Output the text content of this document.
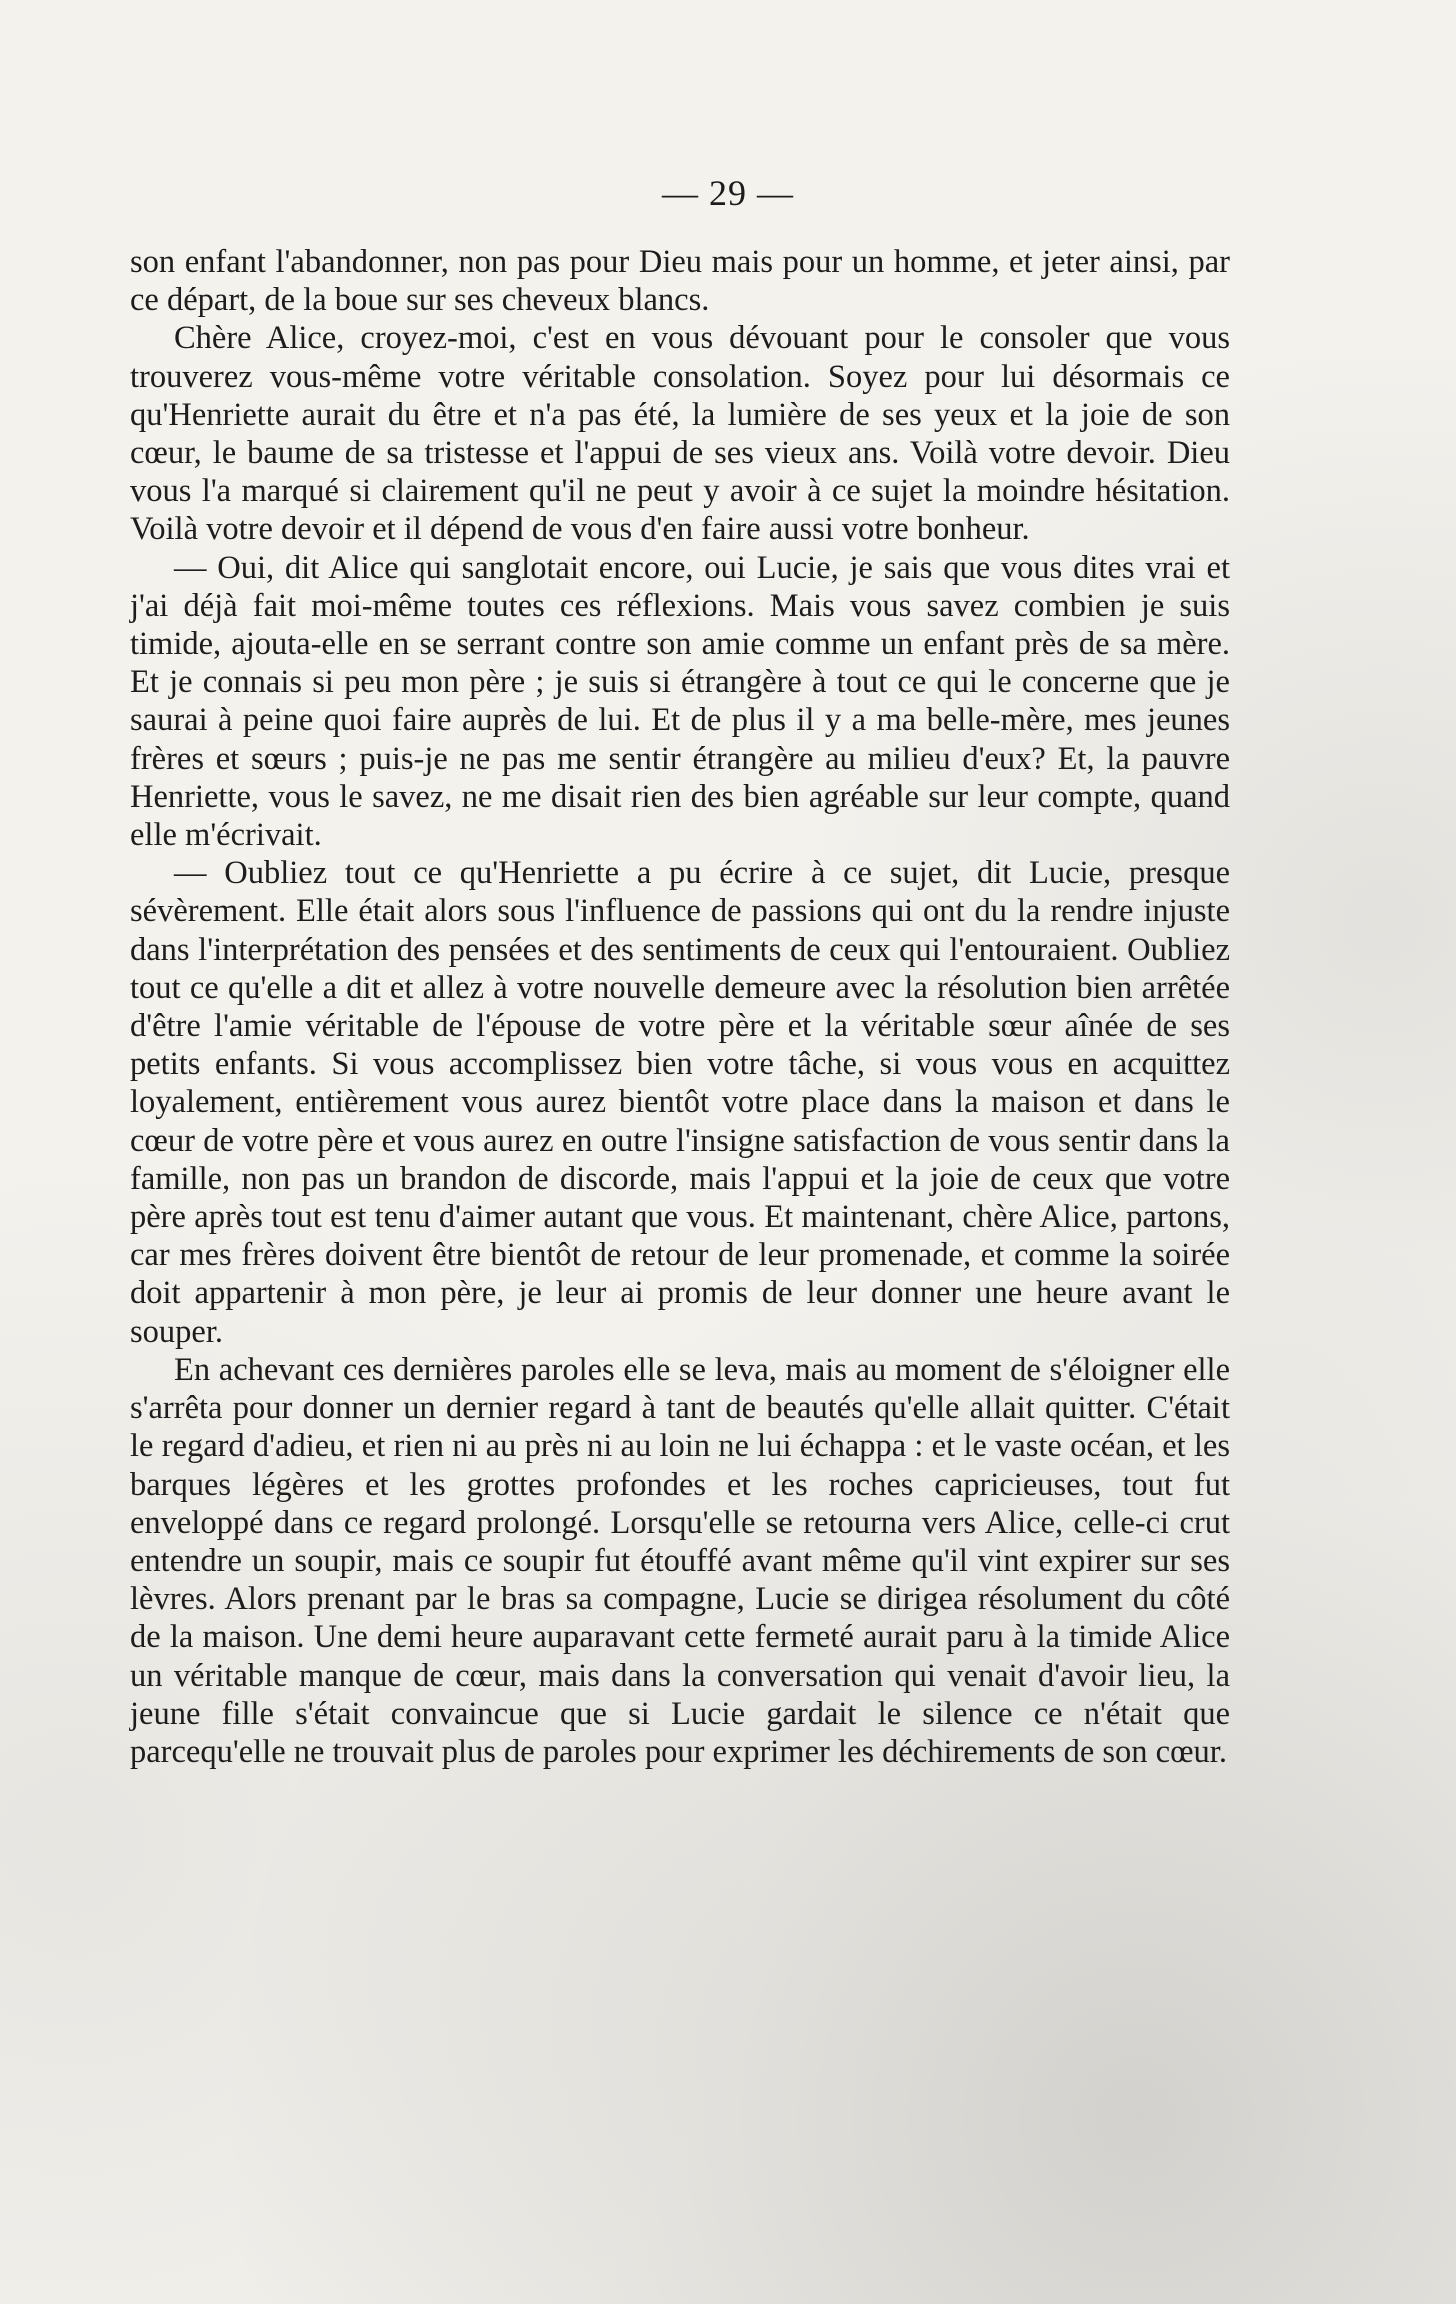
— 29 —

son enfant l'abandonner, non pas pour Dieu mais pour un homme, et jeter ainsi, par ce départ, de la boue sur ses cheveux blancs.

Chère Alice, croyez-moi, c'est en vous dévouant pour le consoler que vous trouverez vous-même votre véritable consolation. Soyez pour lui désormais ce qu'Henriette aurait du être et n'a pas été, la lumière de ses yeux et la joie de son cœur, le baume de sa tristesse et l'appui de ses vieux ans. Voilà votre devoir. Dieu vous l'a marqué si clairement qu'il ne peut y avoir à ce sujet la moindre hésitation. Voilà votre devoir et il dépend de vous d'en faire aussi votre bonheur.

— Oui, dit Alice qui sanglotait encore, oui Lucie, je sais que vous dites vrai et j'ai déjà fait moi-même toutes ces réflexions. Mais vous savez combien je suis timide, ajouta-elle en se serrant contre son amie comme un enfant près de sa mère. Et je connais si peu mon père ; je suis si étrangère à tout ce qui le concerne que je saurai à peine quoi faire auprès de lui. Et de plus il y a ma belle-mère, mes jeunes frères et sœurs ; puis-je ne pas me sentir étrangère au milieu d'eux? Et, la pauvre Henriette, vous le savez, ne me disait rien des bien agréable sur leur compte, quand elle m'écrivait.

— Oubliez tout ce qu'Henriette a pu écrire à ce sujet, dit Lucie, presque sévèrement. Elle était alors sous l'influence de passions qui ont du la rendre injuste dans l'interprétation des pensées et des sentiments de ceux qui l'entouraient. Oubliez tout ce qu'elle a dit et allez à votre nouvelle demeure avec la résolution bien arrêtée d'être l'amie véritable de l'épouse de votre père et la véritable sœur aînée de ses petits enfants. Si vous accomplissez bien votre tâche, si vous vous en acquittez loyalement, entièrement vous aurez bientôt votre place dans la maison et dans le cœur de votre père et vous aurez en outre l'insigne satisfaction de vous sentir dans la famille, non pas un brandon de discorde, mais l'appui et la joie de ceux que votre père après tout est tenu d'aimer autant que vous. Et maintenant, chère Alice, partons, car mes frères doivent être bientôt de retour de leur promenade, et comme la soirée doit appartenir à mon père, je leur ai promis de leur donner une heure avant le souper.

En achevant ces dernières paroles elle se leva, mais au moment de s'éloigner elle s'arrêta pour donner un dernier regard à tant de beautés qu'elle allait quitter. C'était le regard d'adieu, et rien ni au près ni au loin ne lui échappa : et le vaste océan, et les barques légères et les grottes profondes et les roches capricieuses, tout fut enveloppé dans ce regard prolongé. Lorsqu'elle se retourna vers Alice, celle-ci crut entendre un soupir, mais ce soupir fut étouffé avant même qu'il vint expirer sur ses lèvres. Alors prenant par le bras sa compagne, Lucie se dirigea résolument du côté de la maison. Une demi heure auparavant cette fermeté aurait paru à la timide Alice un véritable manque de cœur, mais dans la conversation qui venait d'avoir lieu, la jeune fille s'était convaincue que si Lucie gardait le silence ce n'était que parcequ'elle ne trouvait plus de paroles pour exprimer les déchirements de son cœur.
